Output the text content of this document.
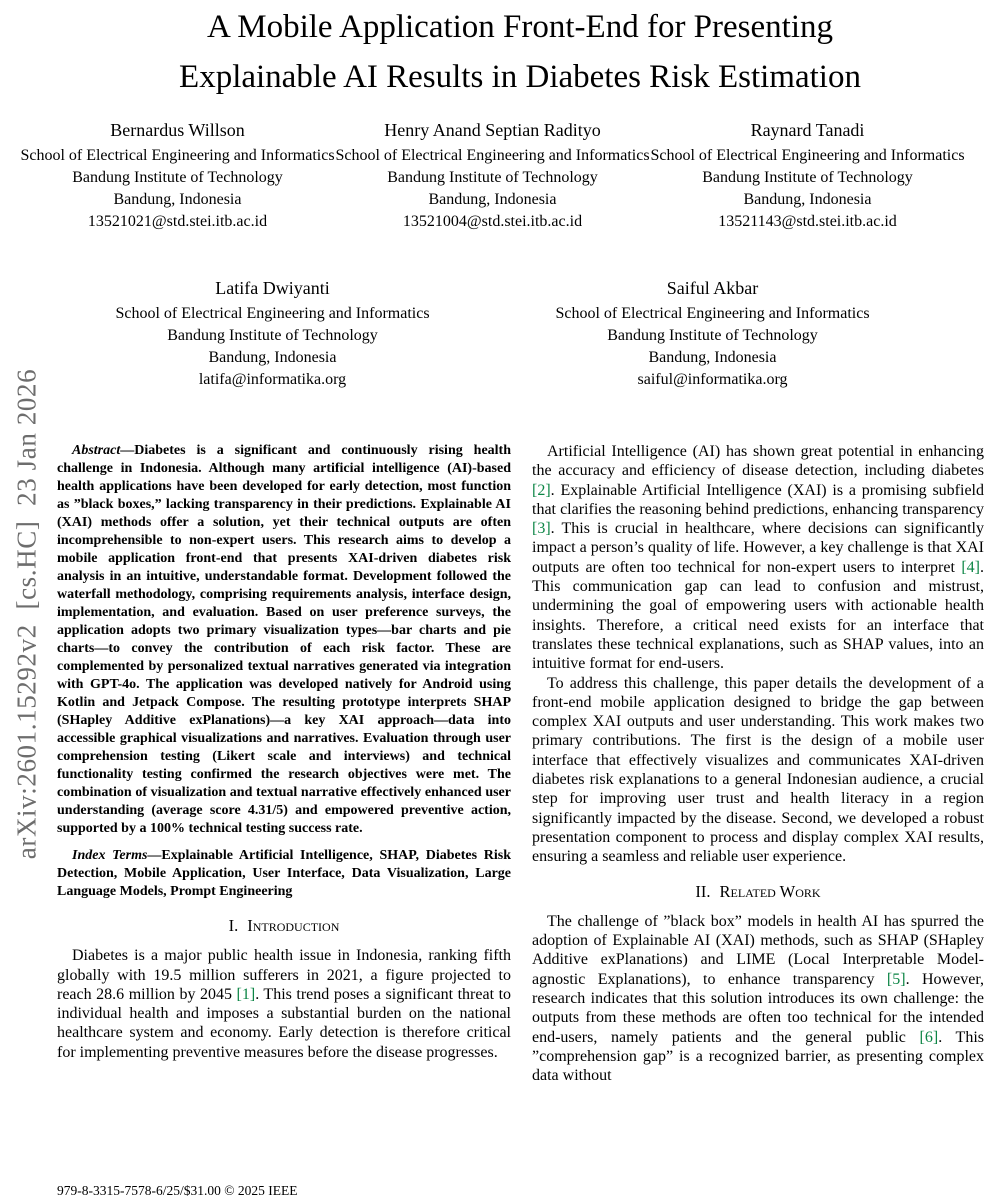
arXiv:2601.15292v2  [cs.HC]  23 Jan 2026
A Mobile Application Front-End for Presenting
Explainable AI Results in Diabetes Risk Estimation
Bernardus Willson
School of Electrical Engineering and Informatics
Bandung Institute of Technology
Bandung, Indonesia
13521021@std.stei.itb.ac.id
Henry Anand Septian Radityo
School of Electrical Engineering and Informatics
Bandung Institute of Technology
Bandung, Indonesia
13521004@std.stei.itb.ac.id
Raynard Tanadi
School of Electrical Engineering and Informatics
Bandung Institute of Technology
Bandung, Indonesia
13521143@std.stei.itb.ac.id
Latifa Dwiyanti
School of Electrical Engineering and Informatics
Bandung Institute of Technology
Bandung, Indonesia
latifa@informatika.org
Saiful Akbar
School of Electrical Engineering and Informatics
Bandung Institute of Technology
Bandung, Indonesia
saiful@informatika.org

Abstract—Diabetes is a significant and continuously rising health challenge in Indonesia. Although many artificial intelligence (AI)-based health applications have been developed for early detection, most function as ”black boxes,” lacking transparency in their predictions. Explainable AI (XAI) methods offer a solution, yet their technical outputs are often incomprehensible to non-expert users. This research aims to develop a mobile application front-end that presents XAI-driven diabetes risk analysis in an intuitive, understandable format. Development followed the waterfall methodology, comprising requirements analysis, interface design, implementation, and evaluation. Based on user preference surveys, the application adopts two primary visualization types—bar charts and pie charts—to convey the contribution of each risk factor. These are complemented by personalized textual narratives generated via integration with GPT-4o. The application was developed natively for Android using Kotlin and Jetpack Compose. The resulting prototype interprets SHAP (SHapley Additive exPlanations)—a key XAI approach—data into accessible graphical visualizations and narratives. Evaluation through user comprehension testing (Likert scale and interviews) and technical functionality testing confirmed the research objectives were met. The combination of visualization and textual narrative effectively enhanced user understanding (average score 4.31/5) and empowered preventive action, supported by a 100% technical testing success rate.

Index Terms—Explainable Artificial Intelligence, SHAP, Diabetes Risk Detection, Mobile Application, User Interface, Data Visualization, Large Language Models, Prompt Engineering

I. Introduction

Diabetes is a major public health issue in Indonesia, ranking fifth globally with 19.5 million sufferers in 2021, a figure projected to reach 28.6 million by 2045 [1]. This trend poses a significant threat to individual health and imposes a substantial burden on the national healthcare system and economy. Early detection is therefore critical for implementing preventive measures before the disease progresses.

Artificial Intelligence (AI) has shown great potential in enhancing the accuracy and efficiency of disease detection, including diabetes [2]. Explainable Artificial Intelligence (XAI) is a promising subfield that clarifies the reasoning behind predictions, enhancing transparency [3]. This is crucial in healthcare, where decisions can significantly impact a person’s quality of life. However, a key challenge is that XAI outputs are often too technical for non-expert users to interpret [4]. This communication gap can lead to confusion and mistrust, undermining the goal of empowering users with actionable health insights. Therefore, a critical need exists for an interface that translates these technical explanations, such as SHAP values, into an intuitive format for end-users.

To address this challenge, this paper details the development of a front-end mobile application designed to bridge the gap between complex XAI outputs and user understanding. This work makes two primary contributions. The first is the design of a mobile user interface that effectively visualizes and communicates XAI-driven diabetes risk explanations to a general Indonesian audience, a crucial step for improving user trust and health literacy in a region significantly impacted by the disease. Second, we developed a robust presentation component to process and display complex XAI results, ensuring a seamless and reliable user experience.

II. Related Work

The challenge of ”black box” models in health AI has spurred the adoption of Explainable AI (XAI) methods, such as SHAP (SHapley Additive exPlanations) and LIME (Local Interpretable Model-agnostic Explanations), to enhance transparency [5]. However, research indicates that this solution introduces its own challenge: the outputs from these methods are often too technical for the intended end-users, namely patients and the general public [6]. This ”comprehension gap” is a recognized barrier, as presenting complex data without

979-8-3315-7578-6/25/$31.00 © 2025 IEEE
